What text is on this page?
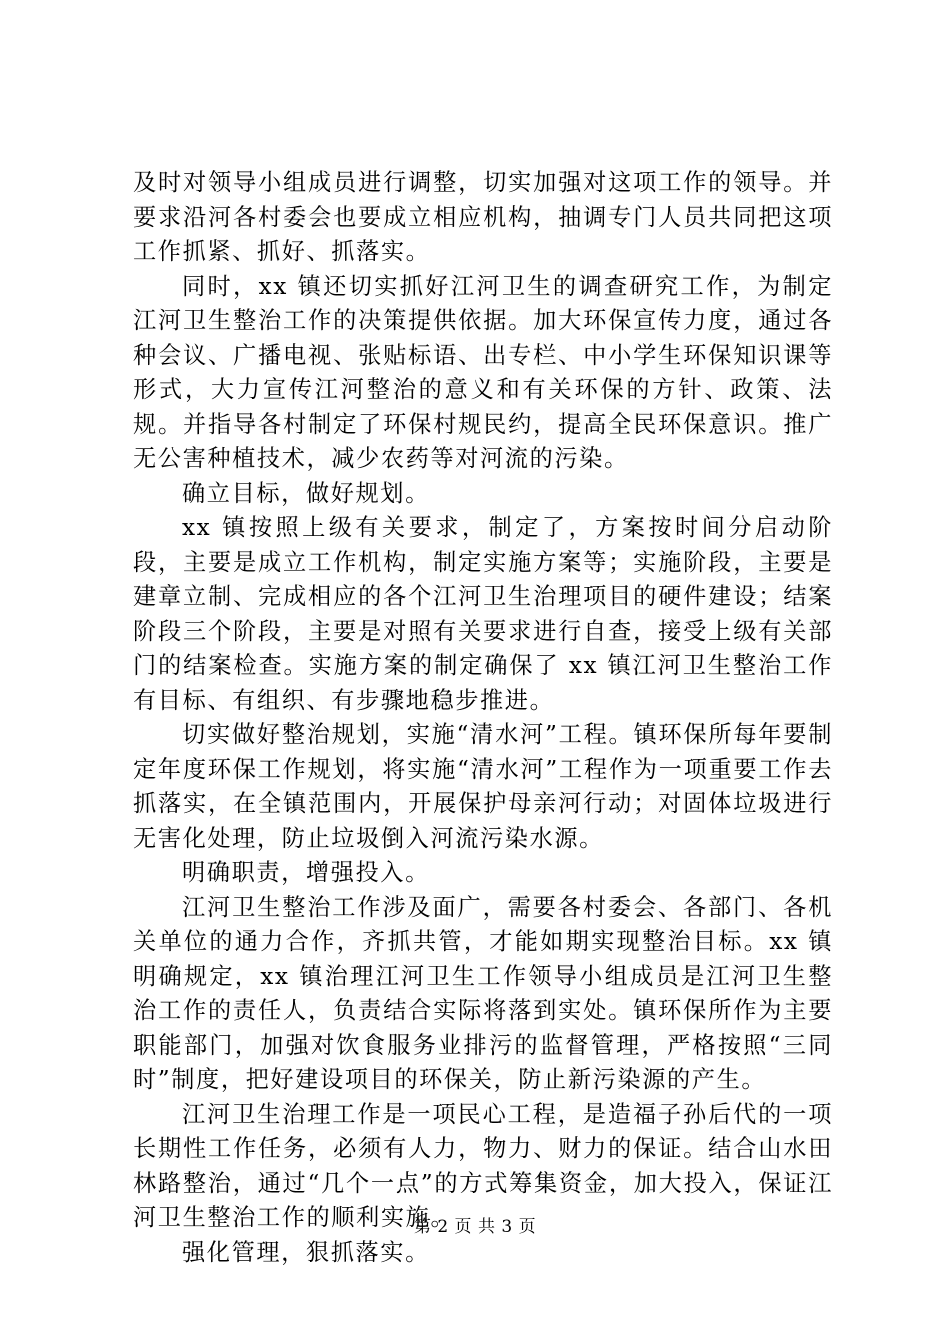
及时对领导小组成员进行调整，切实加强对这项工作的领导。并要求沿河各村委会也要成立相应机构，抽调专门人员共同把这项工作抓紧、抓好、抓落实。

同时，xx 镇还切实抓好江河卫生的调查研究工作，为制定江河卫生整治工作的决策提供依据。加大环保宣传力度，通过各种会议、广播电视、张贴标语、出专栏、中小学生环保知识课等形式，大力宣传江河整治的意义和有关环保的方针、政策、法规。并指导各村制定了环保村规民约，提高全民环保意识。推广无公害种植技术，减少农药等对河流的污染。

确立目标，做好规划。

xx 镇按照上级有关要求，制定了，方案按时间分启动阶段，主要是成立工作机构，制定实施方案等；实施阶段，主要是建章立制、完成相应的各个江河卫生治理项目的硬件建设；结案阶段三个阶段，主要是对照有关要求进行自查，接受上级有关部门的结案检查。实施方案的制定确保了 xx 镇江河卫生整治工作有目标、有组织、有步骤地稳步推进。

切实做好整治规划，实施“清水河”工程。镇环保所每年要制定年度环保工作规划，将实施“清水河”工程作为一项重要工作去抓落实，在全镇范围内，开展保护母亲河行动；对固体垃圾进行无害化处理，防止垃圾倒入河流污染水源。

明确职责，增强投入。

江河卫生整治工作涉及面广，需要各村委会、各部门、各机关单位的通力合作，齐抓共管，才能如期实现整治目标。xx 镇明确规定，xx 镇治理江河卫生工作领导小组成员是江河卫生整治工作的责任人，负责结合实际将落到实处。镇环保所作为主要职能部门，加强对饮食服务业排污的监督管理，严格按照“三同时”制度，把好建设项目的环保关，防止新污染源的产生。

江河卫生治理工作是一项民心工程，是造福子孙后代的一项长期性工作任务，必须有人力，物力、财力的保证。结合山水田林路整治，通过“几个一点”的方式筹集资金，加大投入，保证江河卫生整治工作的顺利实施。

强化管理，狠抓落实。

第 2 页 共 3 页
